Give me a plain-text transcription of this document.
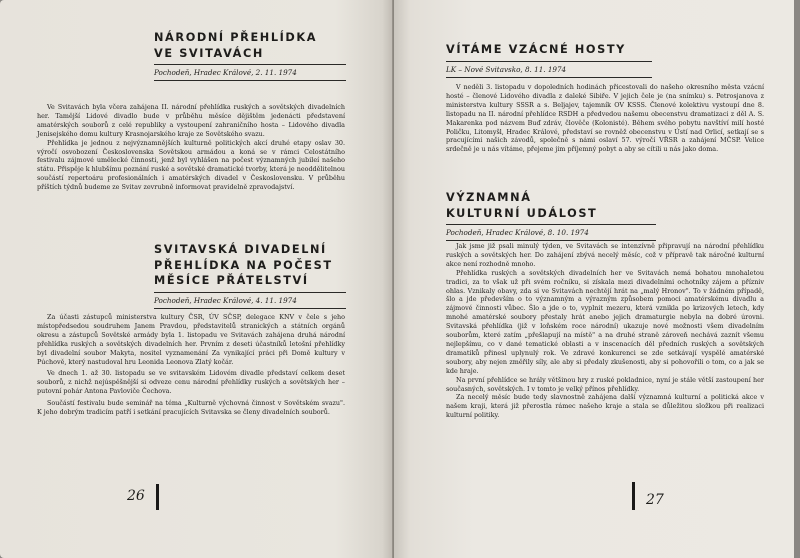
NÁRODNÍ PŘEHLÍDKA
VE SVITAVÁCH
Pochodeň, Hradec Králové, 2. 11. 1974

Ve Svitavách byla včera zahájena II. národní přehlídka ruských a sovětských divadelních her. Tamější Lidové divadlo bude v průběhu měsíce dějištěm jedenácti představení amatérských souborů z celé republiky a vystoupení zahraničního hosta – Lidového divadla Jenisejského domu kultury Krasnojarského kraje ze Sovětského svazu.

Přehlídka je jednou z nejvýznamnějších kulturně politických akcí druhé etapy oslav 30. výročí osvobození Československa Sovětskou armádou a koná se v rámci Celostátního festivalu zájmové umělecké činnosti, jenž byl vyhlášen na počest významných jubileí našeho státu. Přispěje k hlubšímu poznání ruské a sovětské dramatické tvorby, která je neoddělitelnou součástí repertoáru profesionálních i amatérských divadel v Československu. V průběhu příštích týdnů budeme ze Svitav zevrubně informovat pravidelně zpravodajství.

SVITAVSKÁ DIVADELNÍ
PŘEHLÍDKA NA POČEST
MĚSÍCE PŘÁTELSTVÍ
Pochodeň, Hradec Králové, 4. 11. 1974

Za účasti zástupců ministerstva kultury ČSR, ÚV SČSP, delegace KNV v čele s jeho místopředsedou soudruhem Janem Pravdou, představitelů stranických a státních orgánů okresu a zástupců Sovětské armády byla 1. listopadu ve Svitavách zahájena druhá národní přehlídka ruských a sovětských divadelních her. Prvním z deseti účastníků letošní přehlídky byl divadelní soubor Makyta, nositel vyznamenání Za vynikající práci při Domě kultury v Púchově, který nastudoval hru Leonida Leonova Zlatý kočár.

Ve dnech 1. až 30. listopadu se ve svitavském Lidovém divadle představí celkem deset souborů, z nichž nejúspěšnější si odveze cenu národní přehlídky ruských a sovětských her – putovní pohár Antona Pavloviče Čechova.

Součástí festivalu bude seminář na téma „Kulturně výchovná činnost v Sovětském svazu". K jeho dobrým tradicím patří i setkání pracujících Svitavska se členy divadelních souborů.

26
VÍTÁME VZÁCNÉ HOSTY
LK – Nové Svitavsko, 8. 11. 1974

V neděli 3. listopadu v dopoledních hodinách přicestovali do našeho okresního města vzácní hosté – členové Lidového divadla z daleké Sibiře. V jejich čele je (na snímku) s. Petrosjanova z ministerstva kultury SSSR a s. Beljajev, tajemník OV KSSS. Členové kolektivu vystoupí dne 8. listopadu na II. národní přehlídce RSDH a předvedou našemu obecenstvu dramatizaci z děl A. S. Makarenka pod názvem Buď zdráv, člověče (Kolonisté). Během svého pobytu navštíví milí hosté Poličku, Litomyšl, Hradec Králové, představí se rovněž obecenstvu v Ústí nad Orlicí, setkají se s pracujícími našich závodů, společně s námi oslaví 57. výročí VŘSR a zahájení MČSP. Velice srdečně je u nás vítáme, přejeme jim příjemný pobyt a aby se cítili u nás jako doma.

VÝZNAMNÁ
KULTURNÍ UDÁLOST
Pochodeň, Hradec Králové, 8. 10. 1974

Jak jsme již psali minulý týden, ve Svitavách se intenzívně připravují na národní přehlídku ruských a sovětských her. Do zahájení zbývá necelý měsíc, což v přípravě tak náročné kulturní akce není rozhodně mnoho.

Přehlídka ruských a sovětských divadelních her ve Svitavách nemá bohatou mnohaletou tradici, za to však už při svém ročníku, si získala mezi divadelními ochotníky zájem a přízniv ohlas. Vznikaly obavy, zda si ve Svitavách nechtějí hrát na „malý Hronov". To v žádném případě, šlo a jde především o to významným a výrazným způsobem pomoci amatérskému divadlu a zájmové činnosti vůbec. Šlo a jde o to, vyplnit mezeru, která vznikla po krizových letech, kdy mnohé amatérské soubory přestaly hrát anebo jejich dramaturgie nebyla na dobré úrovni. Svitavská přehlídka (již v loňském roce národní) ukazuje nové možnosti všem divadelním souborům, které zatím „přešlapují na místě" a na druhé straně zároveň nechává zaznít všemu nejlepšímu, co v dané tematické oblasti a v inscenacích děl předních ruských a sovětských dramatiků přinesl uplynulý rok. Ve zdravé konkurenci se zde setkávají vyspělé amatérské soubory, aby nejen změřily síly, ale aby si předaly zkušenosti, aby si pohovořili o tom, co a jak se kde hraje.

Na první přehlídce se hrály většinou hry z ruské pokladnice, nyní je stále větší zastoupení her současných, sovětských. I v tomto je velký přínos přehlídky.

Za necelý měsíc bude tedy slavnostně zahájena další významná kulturní a politická akce v našem kraji, která již přerostla rámec našeho kraje a stala se důležitou složkou při realizaci kulturní politiky.

27
